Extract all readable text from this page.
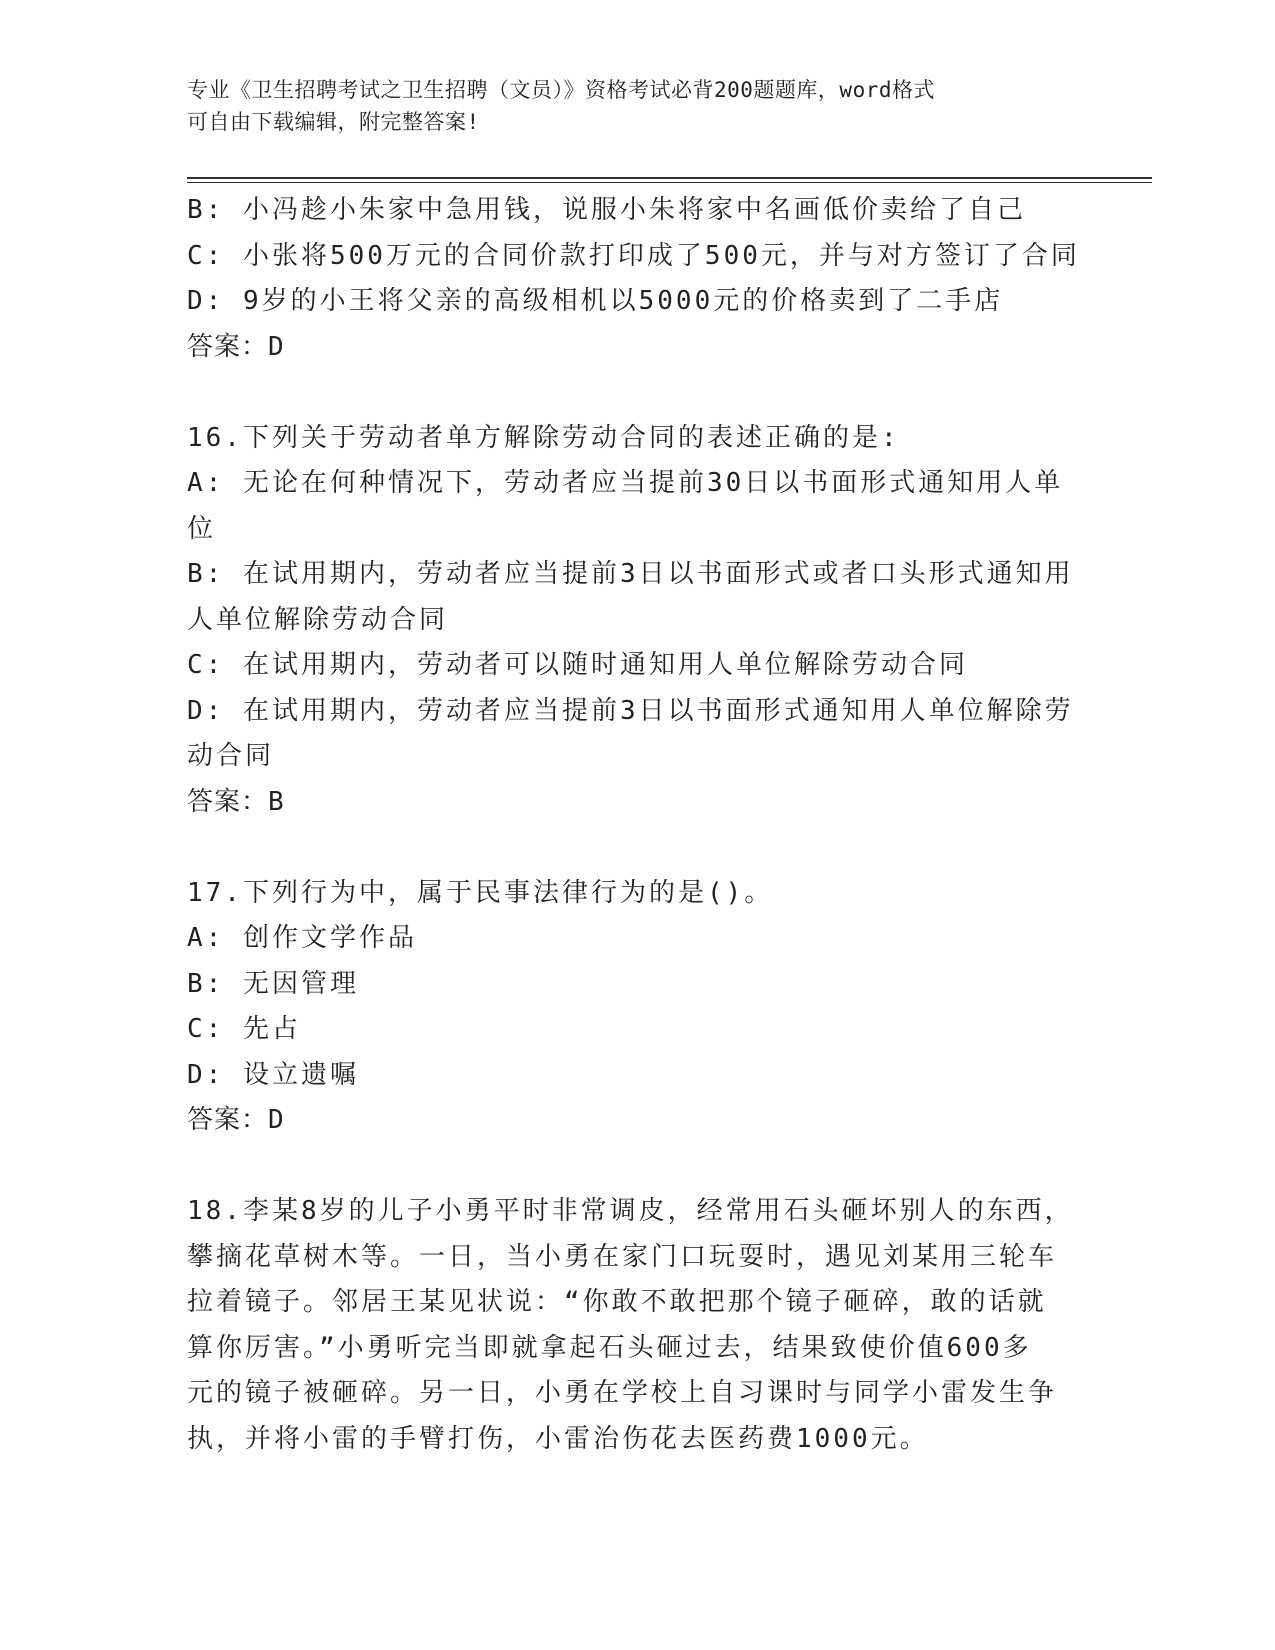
专业《卫生招聘考试之卫生招聘（文员）》资格考试必背200题题库，word格式
可自由下载编辑，附完整答案!
B: 小冯趁小朱家中急用钱，说服小朱将家中名画低价卖给了自己
C: 小张将500万元的合同价款打印成了500元，并与对方签订了合同
D: 9岁的小王将父亲的高级相机以5000元的价格卖到了二手店
答案：D
16.下列关于劳动者单方解除劳动合同的表述正确的是:
A: 无论在何种情况下，劳动者应当提前30日以书面形式通知用人单
位
B: 在试用期内，劳动者应当提前3日以书面形式或者口头形式通知用
人单位解除劳动合同
C: 在试用期内，劳动者可以随时通知用人单位解除劳动合同
D: 在试用期内，劳动者应当提前3日以书面形式通知用人单位解除劳
动合同
答案：B
17.下列行为中，属于民事法律行为的是()。
A: 创作文学作品
B: 无因管理
C: 先占
D: 设立遗嘱
答案：D
18.李某8岁的儿子小勇平时非常调皮，经常用石头砸坏别人的东西，
攀摘花草树木等。一日，当小勇在家门口玩耍时，遇见刘某用三轮车
拉着镜子。邻居王某见状说：“你敢不敢把那个镜子砸碎，敢的话就
算你厉害。”小勇听完当即就拿起石头砸过去，结果致使价值600多
元的镜子被砸碎。另一日，小勇在学校上自习课时与同学小雷发生争
执，并将小雷的手臂打伤，小雷治伤花去医药费1000元。
